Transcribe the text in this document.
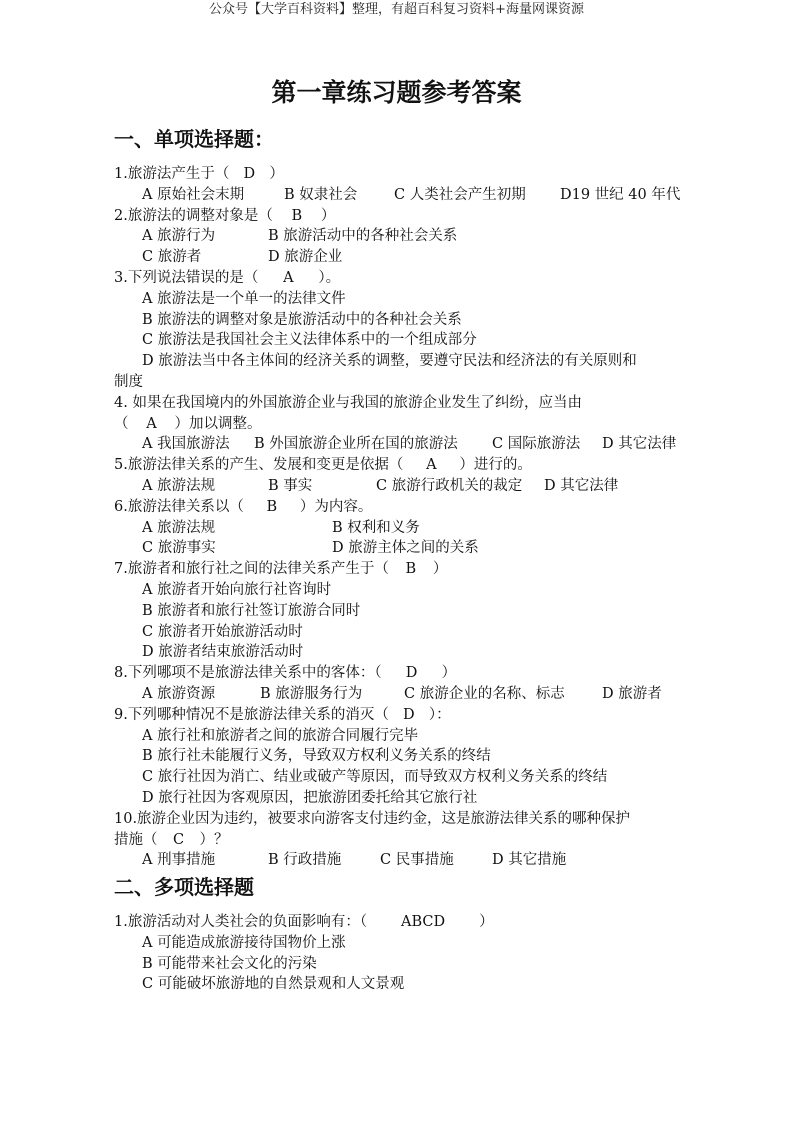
公众号【大学百科资料】整理，有超百科复习资料+海量网课资源
第一章练习题参考答案
一、单项选择题：
1.旅游法产生于（ D ）
A 原始社会末期	B 奴隶社会	C 人类社会产生初期	D19 世纪 40 年代
2.旅游法的调整对象是（ B ）
A 旅游行为	B 旅游活动中的各种社会关系
C 旅游者	D 旅游企业
3.下列说法错误的是（ A ）。
A 旅游法是一个单一的法律文件
B 旅游法的调整对象是旅游活动中的各种社会关系
C 旅游法是我国社会主义法律体系中的一个组成部分
D 旅游法当中各主体间的经济关系的调整，要遵守民法和经济法的有关原则和
制度
4. 如果在我国境内的外国旅游企业与我国的旅游企业发生了纠纷，应当由
（ A ）加以调整。
A 我国旅游法	B 外国旅游企业所在国的旅游法	C 国际旅游法	D 其它法律
5.旅游法律关系的产生、发展和变更是依据（ A ）进行的。
A 旅游法规	B 事实	C 旅游行政机关的裁定	D 其它法律
6.旅游法律关系以（ B ）为内容。
A 旅游法规	B 权利和义务
C 旅游事实	D 旅游主体之间的关系
7.旅游者和旅行社之间的法律关系产生于（ B ）
A 旅游者开始向旅行社咨询时
B 旅游者和旅行社签订旅游合同时
C 旅游者开始旅游活动时
D 旅游者结束旅游活动时
8.下列哪项不是旅游法律关系中的客体：（ D ）
A 旅游资源	B 旅游服务行为	C 旅游企业的名称、标志	D 旅游者
9.下列哪种情况不是旅游法律关系的消灭（ D ）：
A 旅行社和旅游者之间的旅游合同履行完毕
B 旅行社未能履行义务，导致双方权利义务关系的终结
C 旅行社因为消亡、结业或破产等原因，而导致双方权利义务关系的终结
D 旅行社因为客观原因，把旅游团委托给其它旅行社
10.旅游企业因为违约，被要求向游客支付违约金，这是旅游法律关系的哪种保护
措施（ C ）？
A 刑事措施	B 行政措施	C 民事措施	D 其它措施
二、多项选择题
1.旅游活动对人类社会的负面影响有：（ ABCD ）
A 可能造成旅游接待国物价上涨
B 可能带来社会文化的污染
C 可能破坏旅游地的自然景观和人文景观
